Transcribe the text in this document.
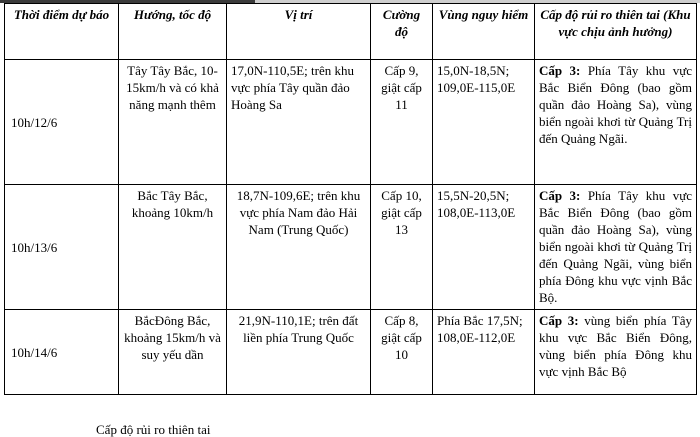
Thời điểm dự báo	Hướng, tốc độ	Vị trí	Cường độ	Vùng nguy hiểm	Cấp độ rủi ro thiên tai (Khu vực chịu ảnh hưởng)
10h/12/6	Tây Tây Bắc, 10-15km/h và có khả năng mạnh thêm	17,0N-110,5E; trên khu vực phía Tây quần đảo Hoàng Sa	Cấp 9, giật cấp 11	15,0N-18,5N; 109,0E-115,0E	Cấp 3: Phía Tây khu vực Bắc Biển Đông (bao gồm quần đảo Hoàng Sa), vùng biển ngoài khơi từ Quảng Trị đến Quảng Ngãi.
10h/13/6	Bắc Tây Bắc, khoảng 10km/h	18,7N-109,6E; trên khu vực phía Nam đảo Hải Nam (Trung Quốc)	Cấp 10, giật cấp 13	15,5N-20,5N; 108,0E-113,0E	Cấp 3: Phía Tây khu vực Bắc Biển Đông (bao gồm quần đảo Hoàng Sa), vùng biển ngoài khơi từ Quảng Trị đến Quảng Ngãi, vùng biển phía Đông khu vực vịnh Bắc Bộ.
10h/14/6	BắcĐông Bắc, khoảng 15km/h và suy yếu dần	21,9N-110,1E; trên đất liền phía Trung Quốc	Cấp 8, giật cấp 10	Phía Bắc 17,5N; 108,0E-112,0E	Cấp 3: vùng biển phía Tây khu vực Bắc Biển Đông, vùng biển phía Đông khu vực vịnh Bắc Bộ
Cấp độ rủi ro thiên tai
